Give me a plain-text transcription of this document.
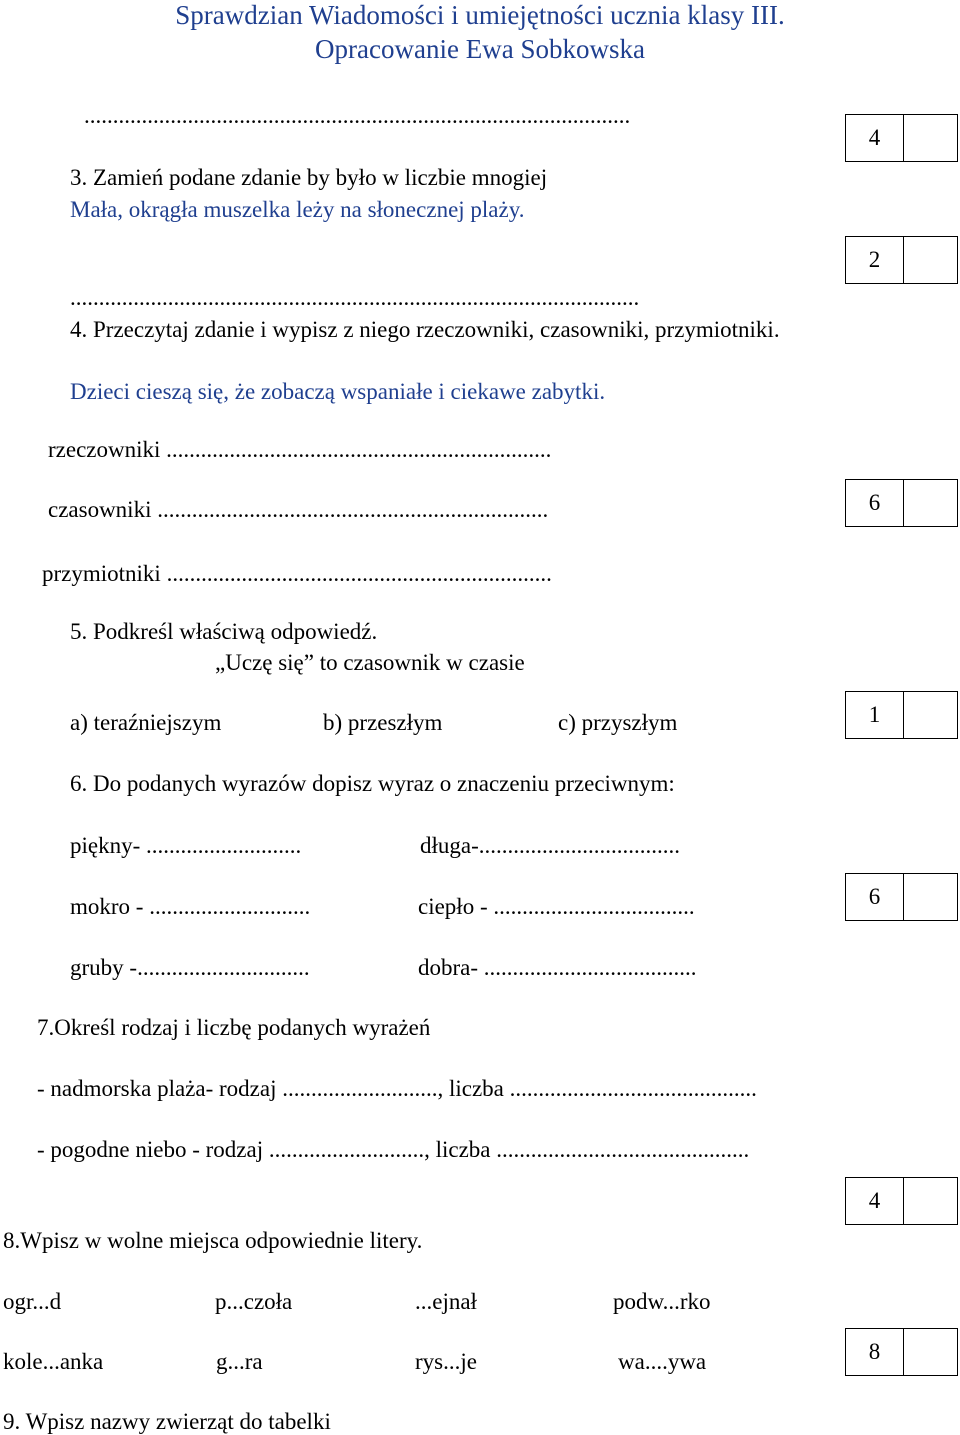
Sprawdzian Wiadomości i umiejętności ucznia klasy III.
Opracowanie Ewa Sobkowska
...............................................................................................
3. Zamień podane zdanie by było w liczbie mnogiej
Mała, okrągła muszelka leży na słonecznej plaży.
...................................................................................................
4. Przeczytaj zdanie i wypisz z niego rzeczowniki, czasowniki, przymiotniki.
Dzieci cieszą się, że zobaczą wspaniałe i ciekawe zabytki.
rzeczowniki ...................................................................
czasowniki ....................................................................
przymiotniki ...................................................................
5. Podkreśl właściwą odpowiedź.
„Uczę się” to czasownik w czasie
a) teraźniejszym	b) przeszłym	c) przyszłym
6. Do podanych wyrazów dopisz wyraz o znaczeniu przeciwnym:
piękny- ...........................	długa-...................................
mokro - ............................	ciepło - ...................................
gruby -..............................	dobra- .....................................
7.Określ rodzaj i liczbę podanych wyrażeń
- nadmorska plaża- rodzaj ..........................., liczba ...........................................
- pogodne niebo - rodzaj ..........................., liczba ............................................
8.Wpisz w wolne miejsca odpowiednie litery.
ogr...d	p...czoła	...ejnał	podw...rko
kole...anka	g...ra	rys...je	wa....ywa
9. Wpisz nazwy zwierząt do tabelki
4
2
6
1
6
4
8
